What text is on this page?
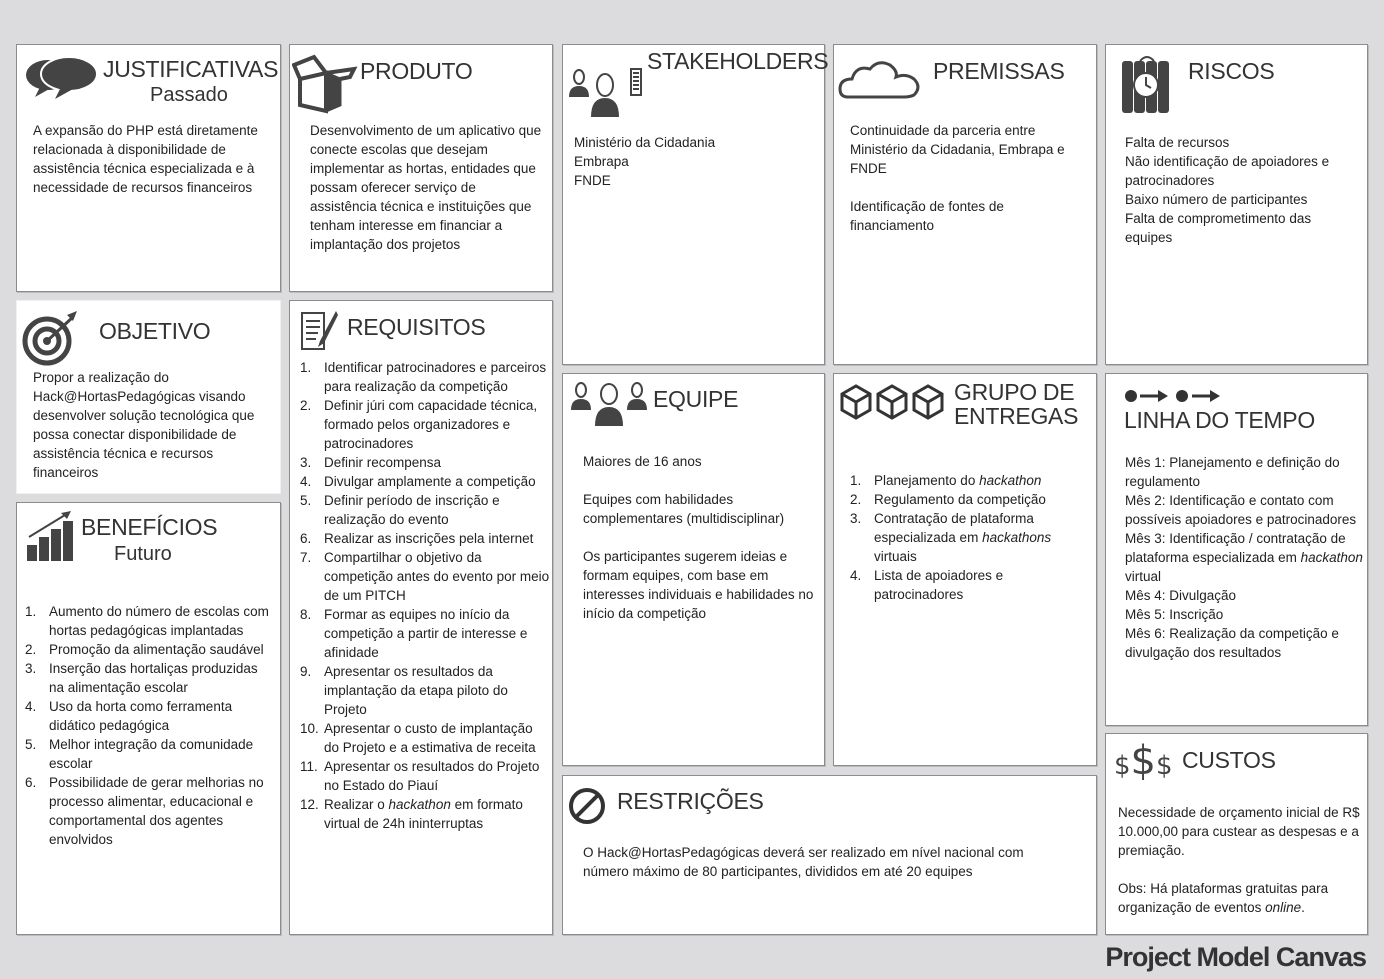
JUSTIFICATIVAS
Passado
A expansão do PHP está diretamente relacionada à disponibilidade de assistência técnica especializada e à necessidade de recursos financeiros
PRODUTO
Desenvolvimento de um aplicativo que conecte escolas que desejam implementar as hortas, entidades que possam oferecer serviço de assistência técnica e instituições que tenham interesse em financiar a implantação dos projetos
STAKEHOLDERS

Ministério da Cidadania

Embrapa

FNDE

PREMISSAS

Continuidade da parceria entre Ministério da Cidadania, Embrapa e FNDE

Identificação de fontes de financiamento

RISCOS

Falta de recursos

Não identificação de apoiadores e patrocinadores

Baixo número de participantes

Falta de comprometimento das equipes

OBJETIVO
Propor a realização do Hack@HortasPedagógicas visando desenvolver solução tecnológica que possa conectar disponibilidade de assistência técnica e recursos financeiros
REQUISITOS
1. Identificar patrocinadores e parceiros para realização da competição
2. Definir júri com capacidade técnica, formado pelos organizadores e patrocinadores
3. Definir recompensa
4. Divulgar amplamente a competição
5. Definir período de inscrição e realização do evento
6. Realizar as inscrições pela internet
7. Compartilhar o objetivo da competição antes do evento por meio de um PITCH
8. Formar as equipes no início da competição a partir de interesse e afinidade
9. Apresentar os resultados da implantação da etapa piloto do Projeto
10. Apresentar o custo de implantação do Projeto e a estimativa de receita
11. Apresentar os resultados do Projeto no Estado do Piauí
12. Realizar o hackathon em formato virtual de 24h ininterruptas
BENEFÍCIOS
Futuro
1. Aumento do número de escolas com hortas pedagógicas implantadas
2. Promoção da alimentação saudável
3. Inserção das hortaliças produzidas na alimentação escolar
4. Uso da horta como ferramenta didático pedagógica
5. Melhor integração da comunidade escolar
6. Possibilidade de gerar melhorias no processo alimentar, educacional e comportamental dos agentes envolvidos
EQUIPE

Maiores de 16 anos

Equipes com habilidades complementares (multidisciplinar)

Os participantes sugerem ideias e formam equipes, com base em interesses individuais e habilidades no início da competição

GRUPO DE
ENTREGAS
1. Planejamento do hackathon
2. Regulamento da competição
3. Contratação de plataforma especializada em hackathons virtuais
4. Lista de apoiadores e patrocinadores
LINHA DO TEMPO

Mês 1: Planejamento e definição do regulamento

Mês 2: Identificação e contato com possíveis apoiadores e patrocinadores

Mês 3: Identificação / contratação de plataforma especializada em hackathon virtual

Mês 4: Divulgação

Mês 5: Inscrição

Mês 6: Realização da competição e divulgação dos resultados

$$$ CUSTOS

Necessidade de orçamento inicial de R$ 10.000,00 para custear as despesas e a premiação.

Obs: Há plataformas gratuitas para organização de eventos online.

RESTRIÇÕES
O Hack@HortasPedagógicas deverá ser realizado em nível nacional com número máximo de 80 participantes, divididos em até 20 equipes
Project Model Canvas
